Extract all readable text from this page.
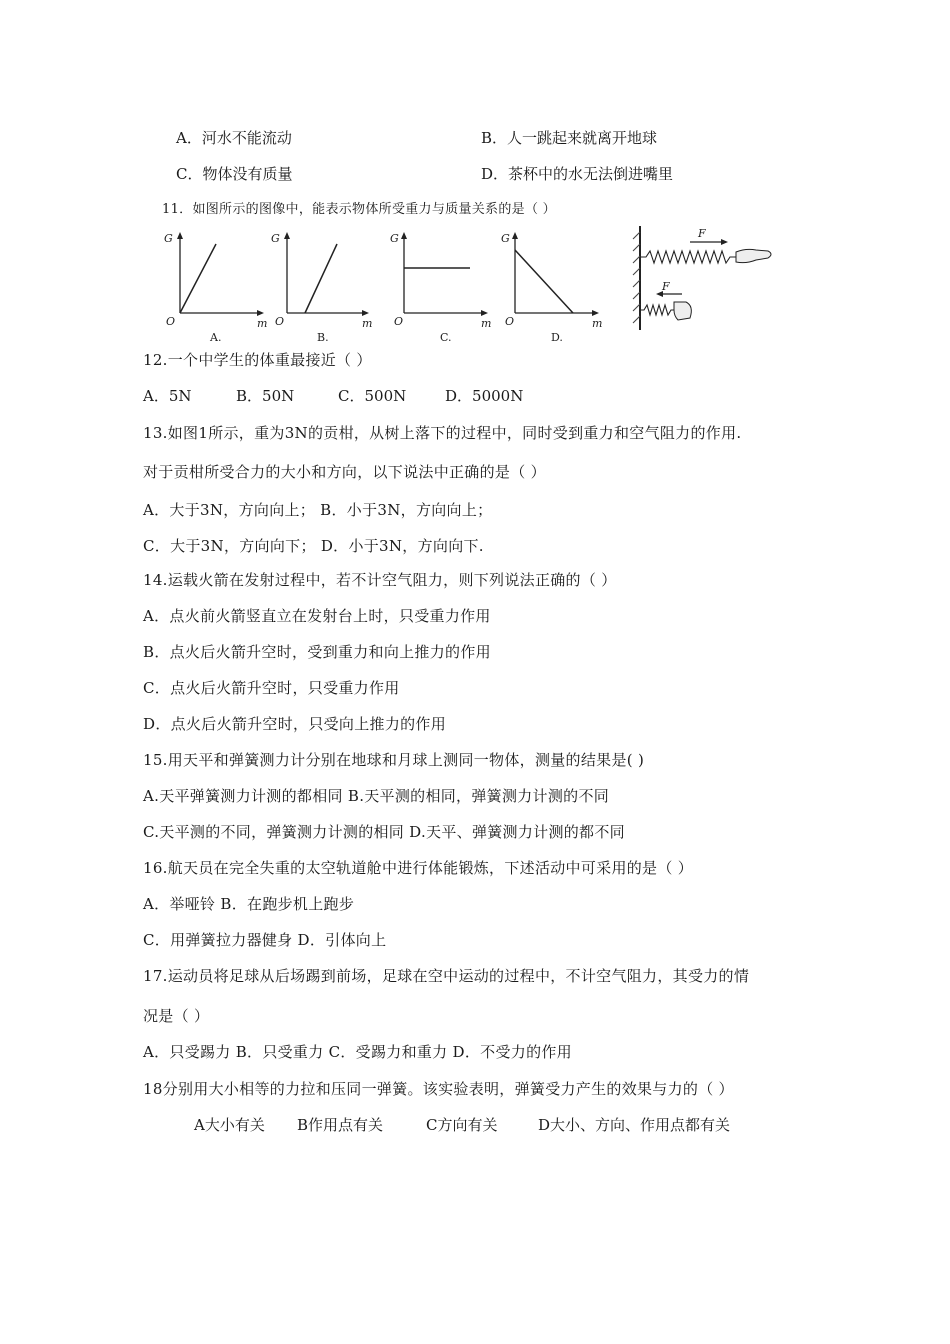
A．河水不能流动	B．人一跳起来就离开地球
C．物体没有质量	D．茶杯中的水无法倒进嘴里
11．如图所示的图像中，能表示物体所受重力与质量关系的是（ ）
G
O	m
A.
G
O	m
B.
G
O	m
C.
G
O	m
D.
F
F
12.一个中学生的体重最接近（ ）
A．5N	B．50N	C．500N	D．5000N
13.如图1所示，重为3N的贡柑，从树上落下的过程中，同时受到重力和空气阻力的作用.
对于贡柑所受合力的大小和方向，以下说法中正确的是（ ）
A．大于3N，方向向上； B．小于3N，方向向上；
C．大于3N，方向向下； D．小于3N，方向向下.
14.运载火箭在发射过程中，若不计空气阻力，则下列说法正确的（ ）
A．点火前火箭竖直立在发射台上时，只受重力作用
B．点火后火箭升空时，受到重力和向上推力的作用
C．点火后火箭升空时，只受重力作用
D．点火后火箭升空时，只受向上推力的作用
15.用天平和弹簧测力计分别在地球和月球上测同一物体，测量的结果是( )
A.天平弹簧测力计测的都相同 B.天平测的相同，弹簧测力计测的不同
C.天平测的不同，弹簧测力计测的相同 D.天平、弹簧测力计测的都不同
16.航天员在完全失重的太空轨道舱中进行体能锻炼，下述活动中可采用的是（ ）
A．举哑铃 B．在跑步机上跑步
C．用弹簧拉力器健身 D．引体向上
17.运动员将足球从后场踢到前场，足球在空中运动的过程中，不计空气阻力，其受力的情
况是（ ）
A．只受踢力 B．只受重力 C．受踢力和重力 D．不受力的作用
18分别用大小相等的力拉和压同一弹簧。该实验表明，弹簧受力产生的效果与力的（ ）
A大小有关 B作用点有关	C方向有关	D大小、方向、作用点都有关
